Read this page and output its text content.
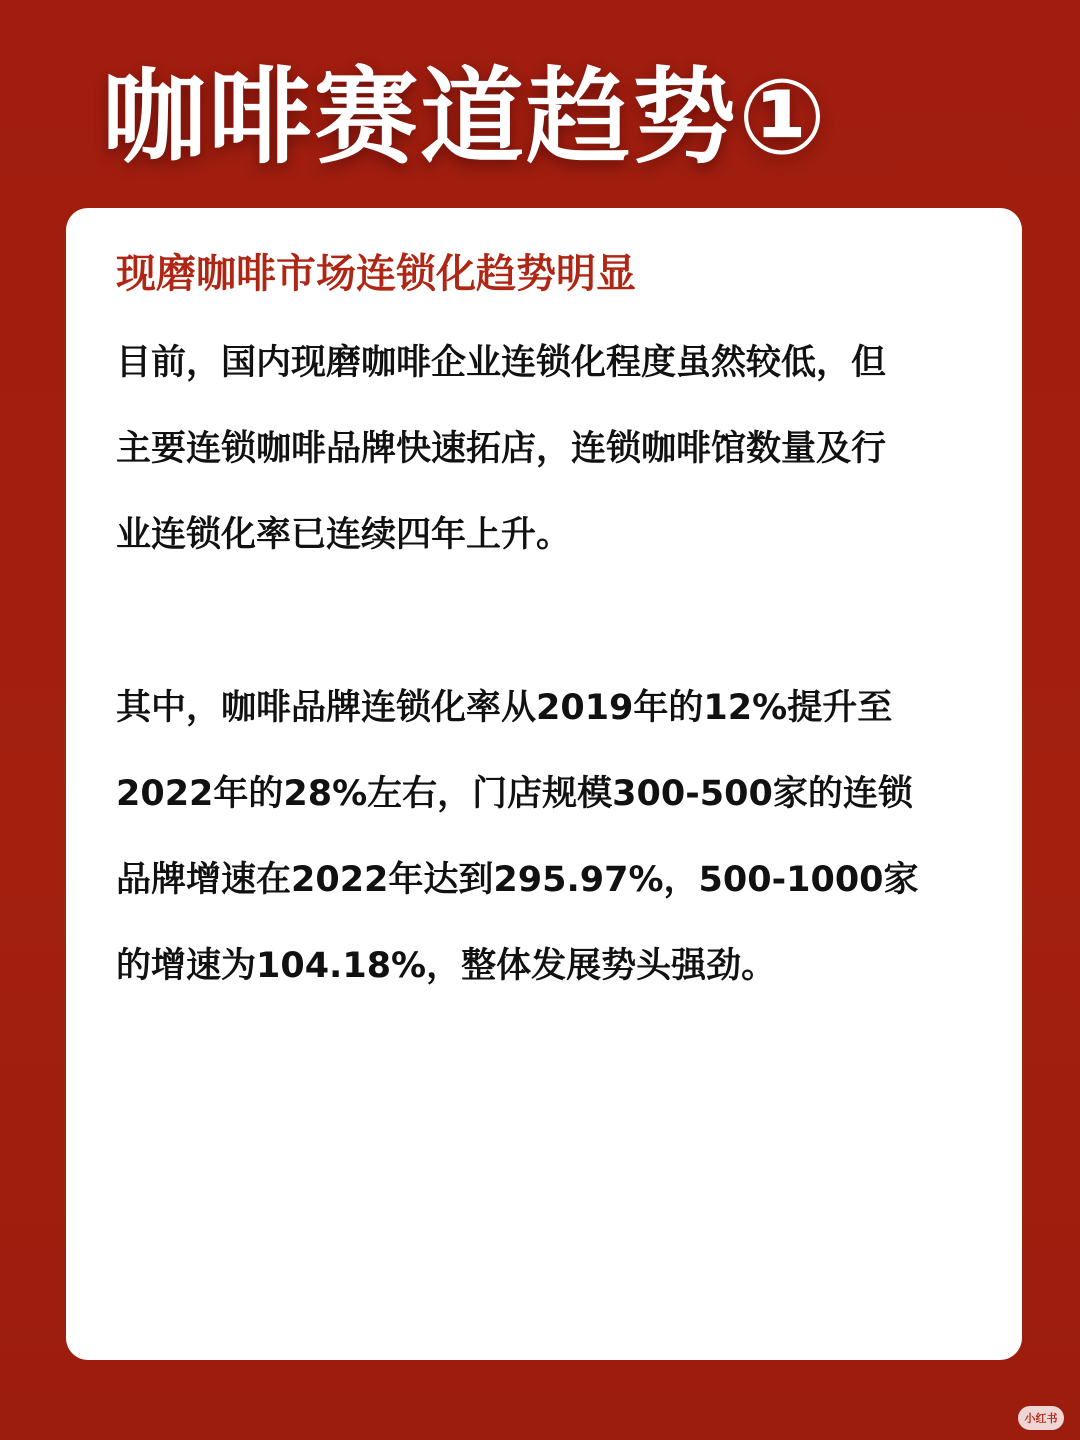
咖啡赛道趋势①
现磨咖啡市场连锁化趋势明显

目前，国内现磨咖啡企业连锁化程度虽然较低，但
主要连锁咖啡品牌快速拓店，连锁咖啡馆数量及行
业连锁化率已连续四年上升。

其中，咖啡品牌连锁化率从2019年的12%提升至
2022年的28%左右，门店规模300-500家的连锁
品牌增速在2022年达到295.97%，500-1000家
的增速为104.18%，整体发展势头强劲。

小红书
